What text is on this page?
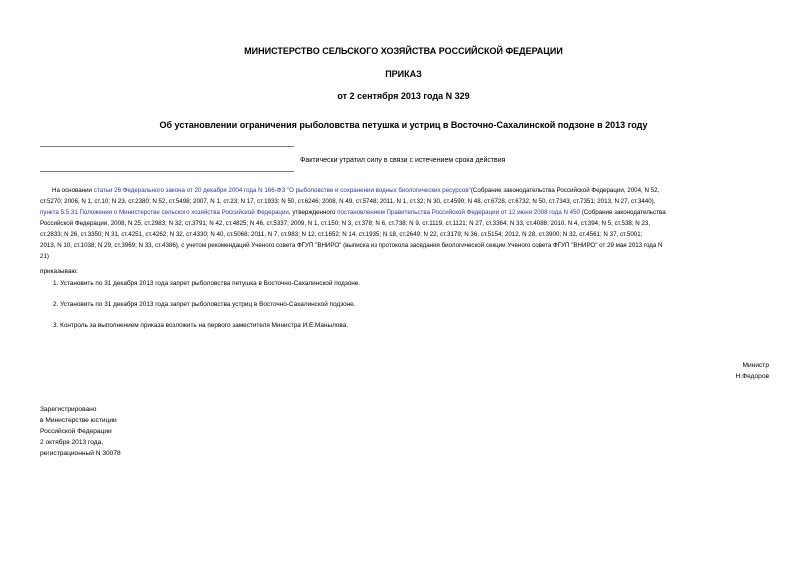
МИНИСТЕРСТВО СЕЛЬСКОГО ХОЗЯЙСТВА РОССИЙСКОЙ ФЕДЕРАЦИИ
ПРИКАЗ
от 2 сентября 2013 года N 329
Об установлении ограничения рыболовства петушка и устриц в Восточно-Сахалинской подзоне в 2013 году
Фактически утратил силу в связи с истечением срока действия
На основании статьи 26 Федерального закона от 20 декабря 2004 года N 166-ФЗ "О рыболовстве и сохранении водных биологических ресурсов"(Собрание законодательства Российской Федерации, 2004, N 52,
ст.5270; 2006, N 1, ст.10; N 23, ст.2380; N 52, ст.5498; 2007, N 1, ст.23; N 17, ст.1933; N 50, ст.6246; 2008, N 49, ст.5748; 2011, N 1, ст.32; N 30, ст.4590; N 48, ст.6728, ст.6732; N 50, ст.7343, ст.7351; 2013, N 27, ст.3440),
пункта 5.5.31 Положения о Министерстве сельского хозяйства Российской Федерации, утвержденного постановлением Правительства Российской Федерации от 12 июня 2008 года N 450 (Собрание законодательства
Российской Федерации, 2008, N 25, ст.2983; N 32, ст.3791; N 42, ст.4825; N 46, ст.5337; 2009, N 1, ст.150; N 3, ст.378; N 6, ст.738; N 9, ст.1119, ст.1121; N 27, ст.3364; N 33, ст.4088; 2010, N 4, ст.394; N 5, ст.538; N 23,
ст.2833; N 26, ст.3350; N 31, ст.4251, ст.4262; N 32, ст.4330; N 40, ст.5068; 2011, N 7, ст.983; N 12, ст.1652; N 14, ст.1935; N 18, ст.2649; N 22, ст.3179; N 36, ст.5154; 2012, N 28, ст.3900; N 32, ст.4561; N 37, ст.5001;
2013, N 10, ст.1038; N 29, ст.3969; N 33, ст.4386), с учетом рекомендаций Ученого совета ФГУП "ВНИРО" (выписка из протокола заседания биологической секции Ученого совета ФГУП "ВНИРО" от 29 мая 2013 года N
21)
приказываю:
1. Установить по 31 декабря 2013 года запрет рыболовства петушка в Восточно-Сахалинской подзоне.
2. Установить по 31 декабря 2013 года запрет рыболовства устриц в Восточно-Сахалинской подзоне.
3. Контроль за выполнением приказа возложить на первого заместителя Министра И.Е.Манылова.
Министр
Н.Федоров
Зарегистрировано
в Министерстве юстиции
Российской Федерации
2 октября 2013 года,
регистрационный N 30078
